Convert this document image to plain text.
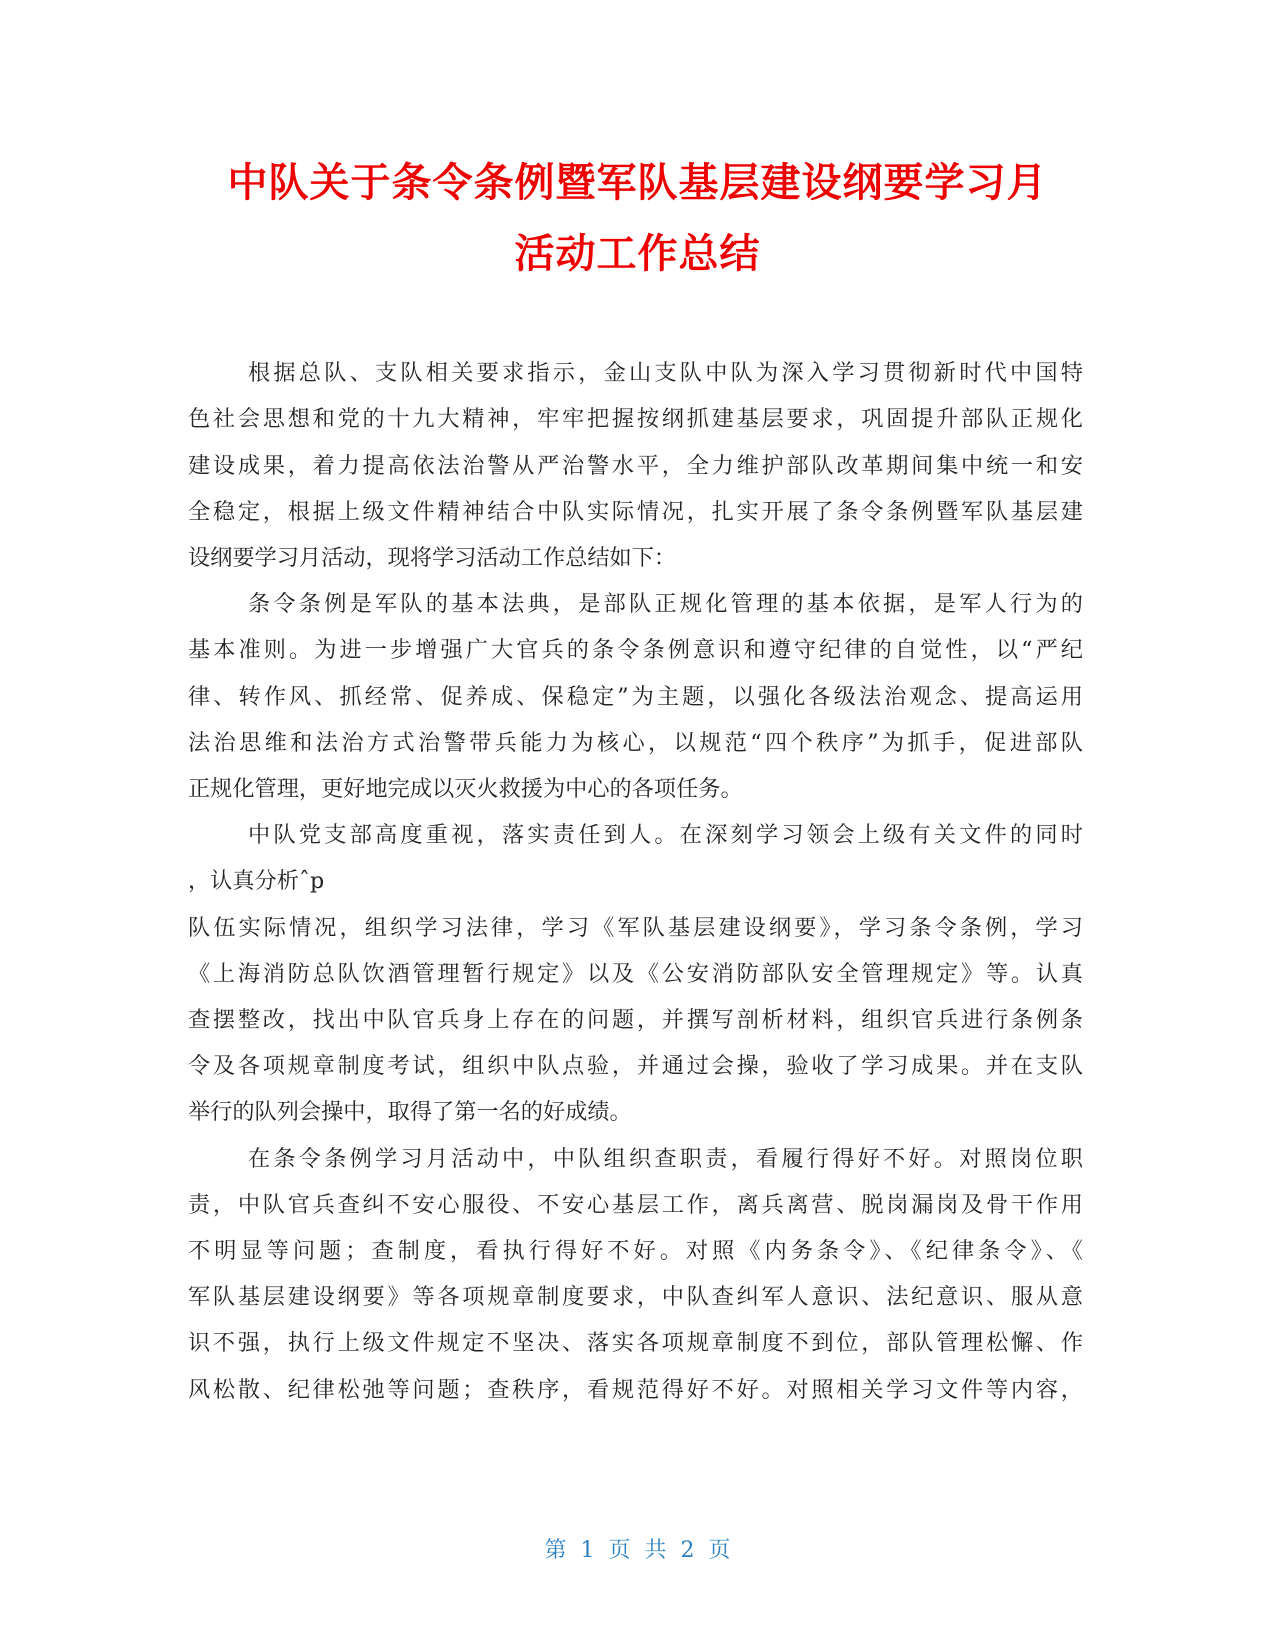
中队关于条令条例暨军队基层建设纲要学习月
活动工作总结
根据总队、支队相关要求指示，金山支队中队为深入学习贯彻新时代中国特
色社会思想和党的十九大精神，牢牢把握按纲抓建基层要求，巩固提升部队正规化
建设成果，着力提高依法治警从严治警水平，全力维护部队改革期间集中统一和安
全稳定，根据上级文件精神结合中队实际情况，扎实开展了条令条例暨军队基层建
设纲要学习月活动，现将学习活动工作总结如下：
条令条例是军队的基本法典，是部队正规化管理的基本依据，是军人行为的
基本准则。为进一步增强广大官兵的条令条例意识和遵守纪律的自觉性，以“严纪
律、转作风、抓经常、促养成、保稳定”为主题，以强化各级法治观念、提高运用
法治思维和法治方式治警带兵能力为核心，以规范“四个秩序”为抓手，促进部队
正规化管理，更好地完成以灭火救援为中心的各项任务。
中队党支部高度重视，落实责任到人。在深刻学习领会上级有关文件的同时
，认真分析ˆp
队伍实际情况，组织学习法律，学习《军队基层建设纲要》，学习条令条例，学习
《上海消防总队饮酒管理暂行规定》以及《公安消防部队安全管理规定》等。认真
查摆整改，找出中队官兵身上存在的问题，并撰写剖析材料，组织官兵进行条例条
令及各项规章制度考试，组织中队点验，并通过会操，验收了学习成果。并在支队
举行的队列会操中，取得了第一名的好成绩。
在条令条例学习月活动中，中队组织查职责，看履行得好不好。对照岗位职
责，中队官兵查纠不安心服役、不安心基层工作，离兵离营、脱岗漏岗及骨干作用
不明显等问题；查制度，看执行得好不好。对照《内务条令》、《纪律条令》、《
军队基层建设纲要》等各项规章制度要求，中队查纠军人意识、法纪意识、服从意
识不强，执行上级文件规定不坚决、落实各项规章制度不到位，部队管理松懈、作
风松散、纪律松弛等问题；查秩序，看规范得好不好。对照相关学习文件等内容，
第  1  页  共  2  页
